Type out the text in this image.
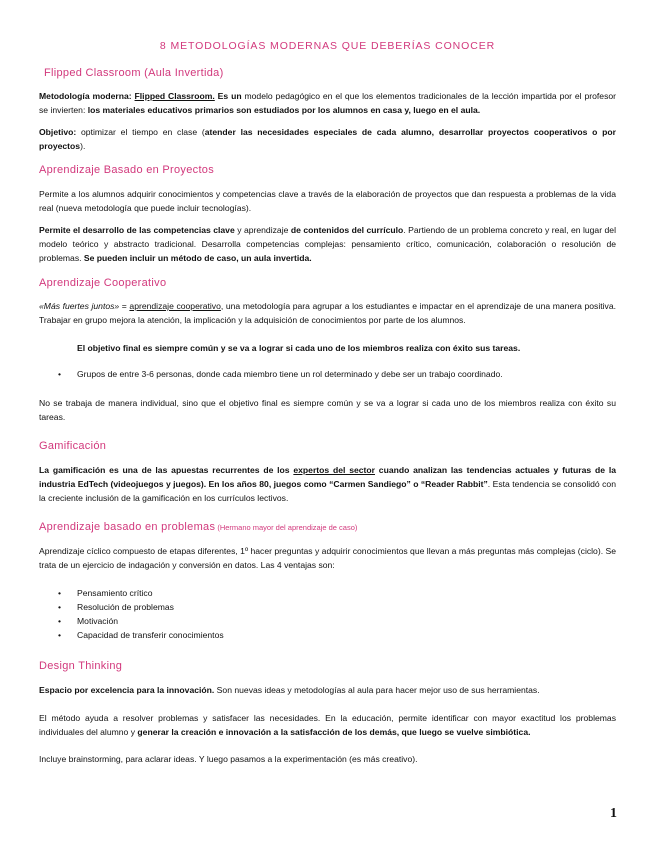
8 METODOLOGÍAS MODERNAS QUE DEBERÍAS CONOCER
Flipped Classroom (Aula Invertida)
Metodología moderna: Flipped Classroom. Es un modelo pedagógico en el que los elementos tradicionales de la lección impartida por el profesor se invierten: los materiales educativos primarios son estudiados por los alumnos en casa y, luego en el aula.
Objetivo: optimizar el tiempo en clase (atender las necesidades especiales de cada alumno, desarrollar proyectos cooperativos o por proyectos).
Aprendizaje Basado en Proyectos
Permite a los alumnos adquirir conocimientos y competencias clave a través de la elaboración de proyectos que dan respuesta a problemas de la vida real (nueva metodología que puede incluir tecnologías).
Permite el desarrollo de las competencias clave y aprendizaje de contenidos del currículo. Partiendo de un problema concreto y real, en lugar del modelo teórico y abstracto tradicional. Desarrolla competencias complejas: pensamiento crítico, comunicación, colaboración o resolución de problemas. Se pueden incluir un método de caso, un aula invertida.
Aprendizaje Cooperativo
«Más fuertes juntos» = aprendizaje cooperativo, una metodología para agrupar a los estudiantes e impactar en el aprendizaje de una manera positiva. Trabajar en grupo mejora la atención, la implicación y la adquisición de conocimientos por parte de los alumnos.
El objetivo final es siempre común y se va a lograr si cada uno de los miembros realiza con éxito sus tareas.
• Grupos de entre 3-6 personas, donde cada miembro tiene un rol determinado y debe ser un trabajo coordinado.
No se trabaja de manera individual, sino que el objetivo final es siempre común y se va a lograr si cada uno de los miembros realiza con éxito su tareas.
Gamificación
La gamificación es una de las apuestas recurrentes de los expertos del sector cuando analizan las tendencias actuales y futuras de la industria EdTech (videojuegos y juegos). En los años 80, juegos como “Carmen Sandiego” o “Reader Rabbit”. Esta tendencia se consolidó con la creciente inclusión de la gamificación en los currículos lectivos.
Aprendizaje basado en problemas (Hermano mayor del aprendizaje de caso)
Aprendizaje cíclico compuesto de etapas diferentes, 1º hacer preguntas y adquirir conocimientos que llevan a más preguntas más complejas (ciclo). Se trata de un ejercicio de indagación y conversión en datos. Las 4 ventajas son:
• Pensamiento crítico
• Resolución de problemas
• Motivación
• Capacidad de transferir conocimientos
Design Thinking
Espacio por excelencia para la innovación. Son nuevas ideas y metodologías al aula para hacer mejor uso de sus herramientas.
El método ayuda a resolver problemas y satisfacer las necesidades. En la educación, permite identificar con mayor exactitud los problemas individuales del alumno y generar la creación e innovación a la satisfacción de los demás, que luego se vuelve simbiótica.
Incluye brainstorming, para aclarar ideas. Y luego pasamos a la experimentación (es más creativo).
1
